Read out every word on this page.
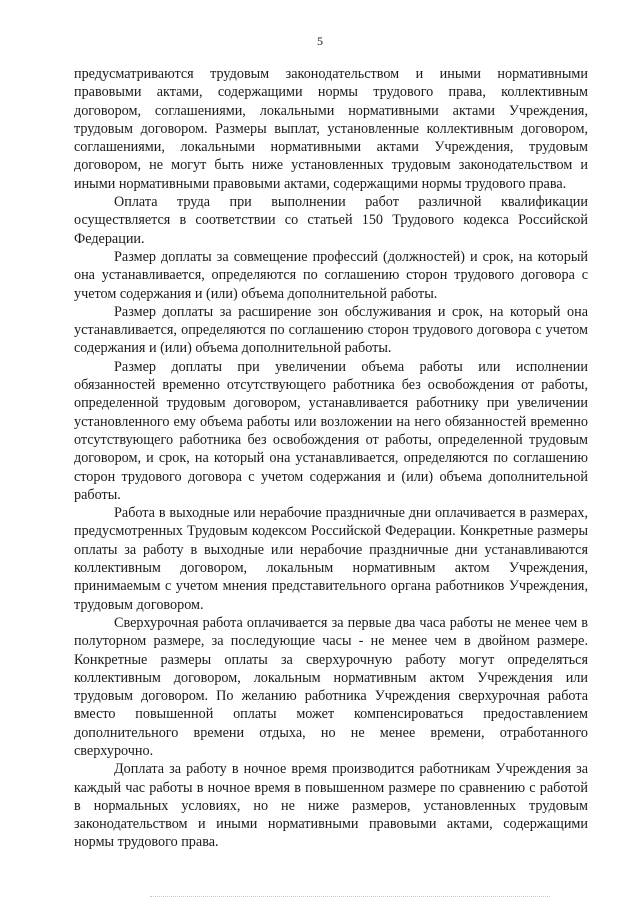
5

предусматриваются трудовым законодательством и иными нормативными правовыми актами, содержащими нормы трудового права, коллективным договором, соглашениями, локальными нормативными актами Учреждения, трудовым договором. Размеры выплат, установленные коллективным договором, соглашениями, локальными нормативными актами Учреждения, трудовым договором, не могут быть ниже установленных трудовым законодательством и иными нормативными правовыми актами, содержащими нормы трудового права.

Оплата труда при выполнении работ различной квалификации осуществляется в соответствии со статьей 150 Трудового кодекса Российской Федерации.

Размер доплаты за совмещение профессий (должностей) и срок, на который она устанавливается, определяются по соглашению сторон трудового договора с учетом содержания и (или) объема дополнительной работы.

Размер доплаты за расширение зон обслуживания и срок, на который она устанавливается, определяются по соглашению сторон трудового договора с учетом содержания и (или) объема дополнительной работы.

Размер доплаты при увеличении объема работы или исполнении обязанностей временно отсутствующего работника без освобождения от работы, определенной трудовым договором, устанавливается работнику при увеличении установленного ему объема работы или возложении на него обязанностей временно отсутствующего работника без освобождения от работы, определенной трудовым договором, и срок, на который она устанавливается, определяются по соглашению сторон трудового договора с учетом содержания и (или) объема дополнительной работы.

Работа в выходные или нерабочие праздничные дни оплачивается в размерах, предусмотренных Трудовым кодексом Российской Федерации. Конкретные размеры оплаты за работу в выходные или нерабочие праздничные дни устанавливаются коллективным договором, локальным нормативным актом Учреждения, принимаемым с учетом мнения представительного органа работников Учреждения, трудовым договором.

Сверхурочная работа оплачивается за первые два часа работы не менее чем в полуторном размере, за последующие часы - не менее чем в двойном размере. Конкретные размеры оплаты за сверхурочную работу могут определяться коллективным договором, локальным нормативным актом Учреждения или трудовым договором. По желанию работника Учреждения сверхурочная работа вместо повышенной оплаты может компенсироваться предоставлением дополнительного времени отдыха, но не менее времени, отработанного сверхурочно.

Доплата за работу в ночное время производится работникам Учреждения за каждый час работы в ночное время в повышенном размере по сравнению с работой в нормальных условиях, но не ниже размеров, установленных трудовым законодательством и иными нормативными правовыми актами, содержащими нормы трудового права.
